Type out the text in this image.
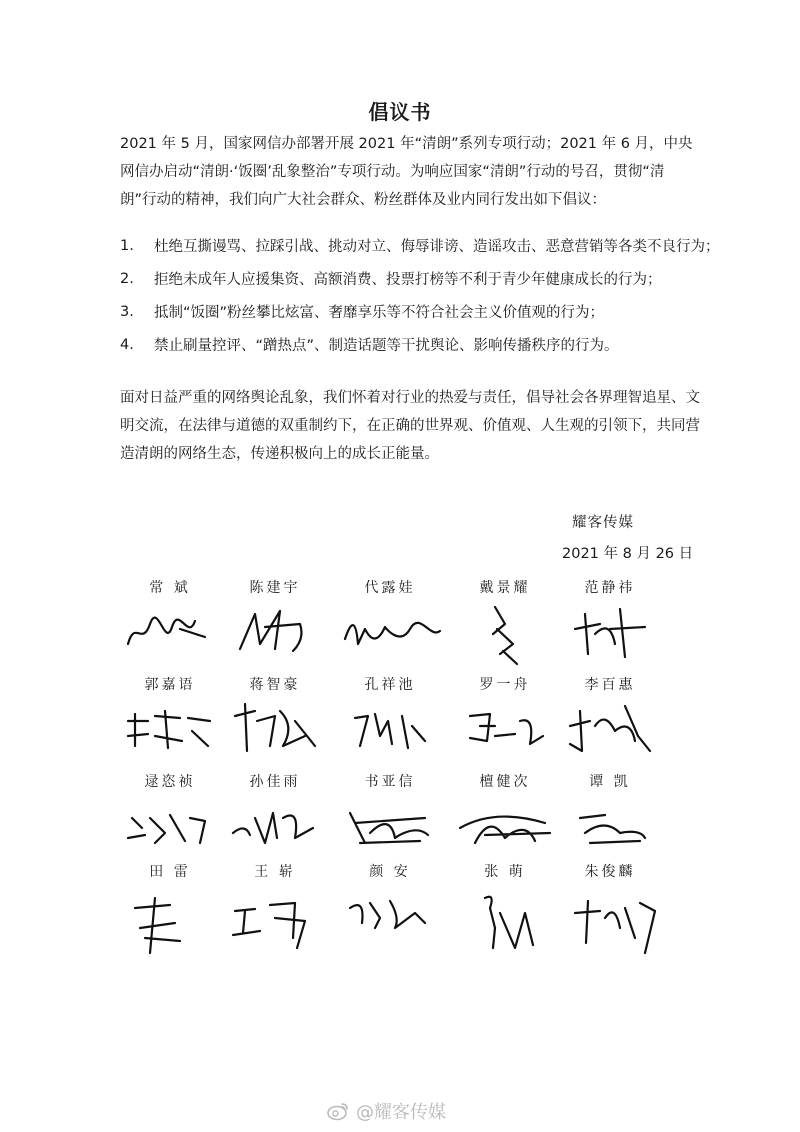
倡议书
2021 年 5 月，国家网信办部署开展 2021 年“清朗”系列专项行动；2021 年 6 月，中央网信办启动“清朗·‘饭圈’乱象整治”专项行动。为响应国家“清朗”行动的号召，贯彻“清朗”行动的精神，我们向广大社会群众、粉丝群体及业内同行发出如下倡议：
1.	杜绝互撕谩骂、拉踩引战、挑动对立、侮辱诽谤、造谣攻击、恶意营销等各类不良行为；
2.	拒绝未成年人应援集资、高额消费、投票打榜等不利于青少年健康成长的行为；
3.	抵制“饭圈”粉丝攀比炫富、奢靡享乐等不符合社会主义价值观的行为；
4.	禁止刷量控评、“蹭热点”、制造话题等干扰舆论、影响传播秩序的行为。
面对日益严重的网络舆论乱象，我们怀着对行业的热爱与责任，倡导社会各界理智追星、文明交流，在法律与道德的双重制约下，在正确的世界观、价值观、人生观的引领下，共同营造清朗的网络生态，传递积极向上的成长正能量。
耀客传媒
2021 年 8 月 26 日
常 斌	陈建宇	代露娃	戴景耀	范静祎
郭嘉语	蒋智豪	孔祥池	罗一舟	李百惠
逯恣祯	孙佳雨	书亚信	檀健次	谭 凯
田 雷	王 崭	颜 安	张 萌	朱俊麟
@耀客传媒
